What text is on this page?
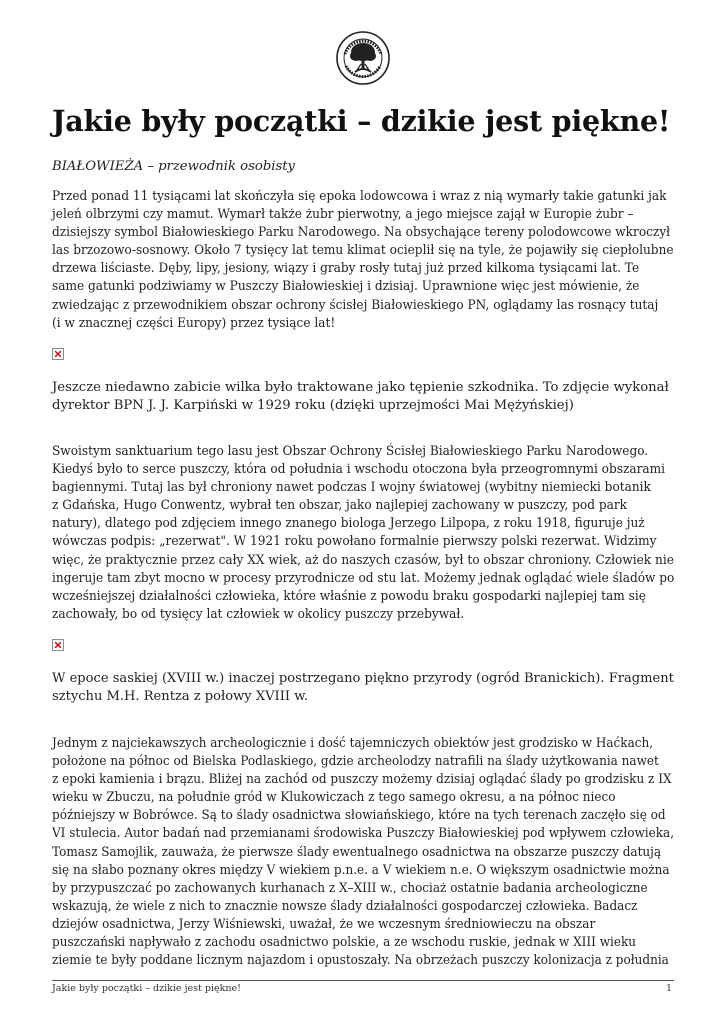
Jakie były początki – dzikie jest piękne!

BIAŁOWIEŻA – przewodnik osobisty

Przed ponad 11 tysiącami lat skończyła się epoka lodowcowa i wraz z nią wymarły takie gatunki jak
jeleń olbrzymi czy mamut. Wymarł także żubr pierwotny, a jego miejsce zajął w Europie żubr –
dzisiejszy symbol Białowieskiego Parku Narodowego. Na obsychające tereny polodowcowe wkroczył
las brzozowo-sosnowy. Około 7 tysięcy lat temu klimat ocieplił się na tyle, że pojawiły się ciepłolubne
drzewa liściaste. Dęby, lipy, jesiony, wiązy i graby rosły tutaj już przed kilkoma tysiącami lat. Te
same gatunki podziwiamy w Puszczy Białowieskiej i dzisiaj. Uprawnione więc jest mówienie, że
zwiedzając z przewodnikiem obszar ochrony ścisłej Białowieskiego PN, oglądamy las rosnący tutaj
(i w znacznej części Europy) przez tysiące lat!

Jeszcze niedawno zabicie wilka było traktowane jako tępienie szkodnika. To zdjęcie wykonał
dyrektor BPN J. J. Karpiński w 1929 roku (dzięki uprzejmości Mai Mężyńskiej)

Swoistym sanktuarium tego lasu jest Obszar Ochrony Ścisłej Białowieskiego Parku Narodowego.
Kiedyś było to serce puszczy, która od południa i wschodu otoczona była przeogromnymi obszarami
bagiennymi. Tutaj las był chroniony nawet podczas I wojny światowej (wybitny niemiecki botanik
z Gdańska, Hugo Conwentz, wybrał ten obszar, jako najlepiej zachowany w puszczy, pod park
natury), dlatego pod zdjęciem innego znanego biologa Jerzego Lilpopa, z roku 1918, figuruje już
wówczas podpis: „rezerwat". W 1921 roku powołano formalnie pierwszy polski rezerwat. Widzimy
więc, że praktycznie przez cały XX wiek, aż do naszych czasów, był to obszar chroniony. Człowiek nie
ingeruje tam zbyt mocno w procesy przyrodnicze od stu lat. Możemy jednak oglądać wiele śladów po
wcześniejszej działalności człowieka, które właśnie z powodu braku gospodarki najlepiej tam się
zachowały, bo od tysięcy lat człowiek w okolicy puszczy przebywał.

W epoce saskiej (XVIII w.) inaczej postrzegano piękno przyrody (ogród Branickich). Fragment
sztychu M.H. Rentza z połowy XVIII w.

Jednym z najciekawszych archeologicznie i dość tajemniczych obiektów jest grodzisko w Haćkach,
położone na północ od Bielska Podlaskiego, gdzie archeolodzy natrafili na ślady użytkowania nawet
z epoki kamienia i brązu. Bliżej na zachód od puszczy możemy dzisiaj oglądać ślady po grodzisku z IX
wieku w Zbuczu, na południe gród w Klukowiczach z tego samego okresu, a na północ nieco
późniejszy w Bobrówce. Są to ślady osadnictwa słowiańskiego, które na tych terenach zaczęło się od
VI stulecia. Autor badań nad przemianami środowiska Puszczy Białowieskiej pod wpływem człowieka,
Tomasz Samojlik, zauważa, że pierwsze ślady ewentualnego osadnictwa na obszarze puszczy datują
się na słabo poznany okres między V wiekiem p.n.e. a V wiekiem n.e. O większym osadnictwie można
by przypuszczać po zachowanych kurhanach z X–XIII w., chociaż ostatnie badania archeologiczne
wskazują, że wiele z nich to znacznie nowsze ślady działalności gospodarczej człowieka. Badacz
dziejów osadnictwa, Jerzy Wiśniewski, uważał, że we wczesnym średniowieczu na obszar
puszczański napływało z zachodu osadnictwo polskie, a ze wschodu ruskie, jednak w XIII wieku
ziemie te były poddane licznym najazdom i opustoszały. Na obrzeżach puszczy kolonizacja z południa

Jakie były początki – dzikie jest piękne!	1
